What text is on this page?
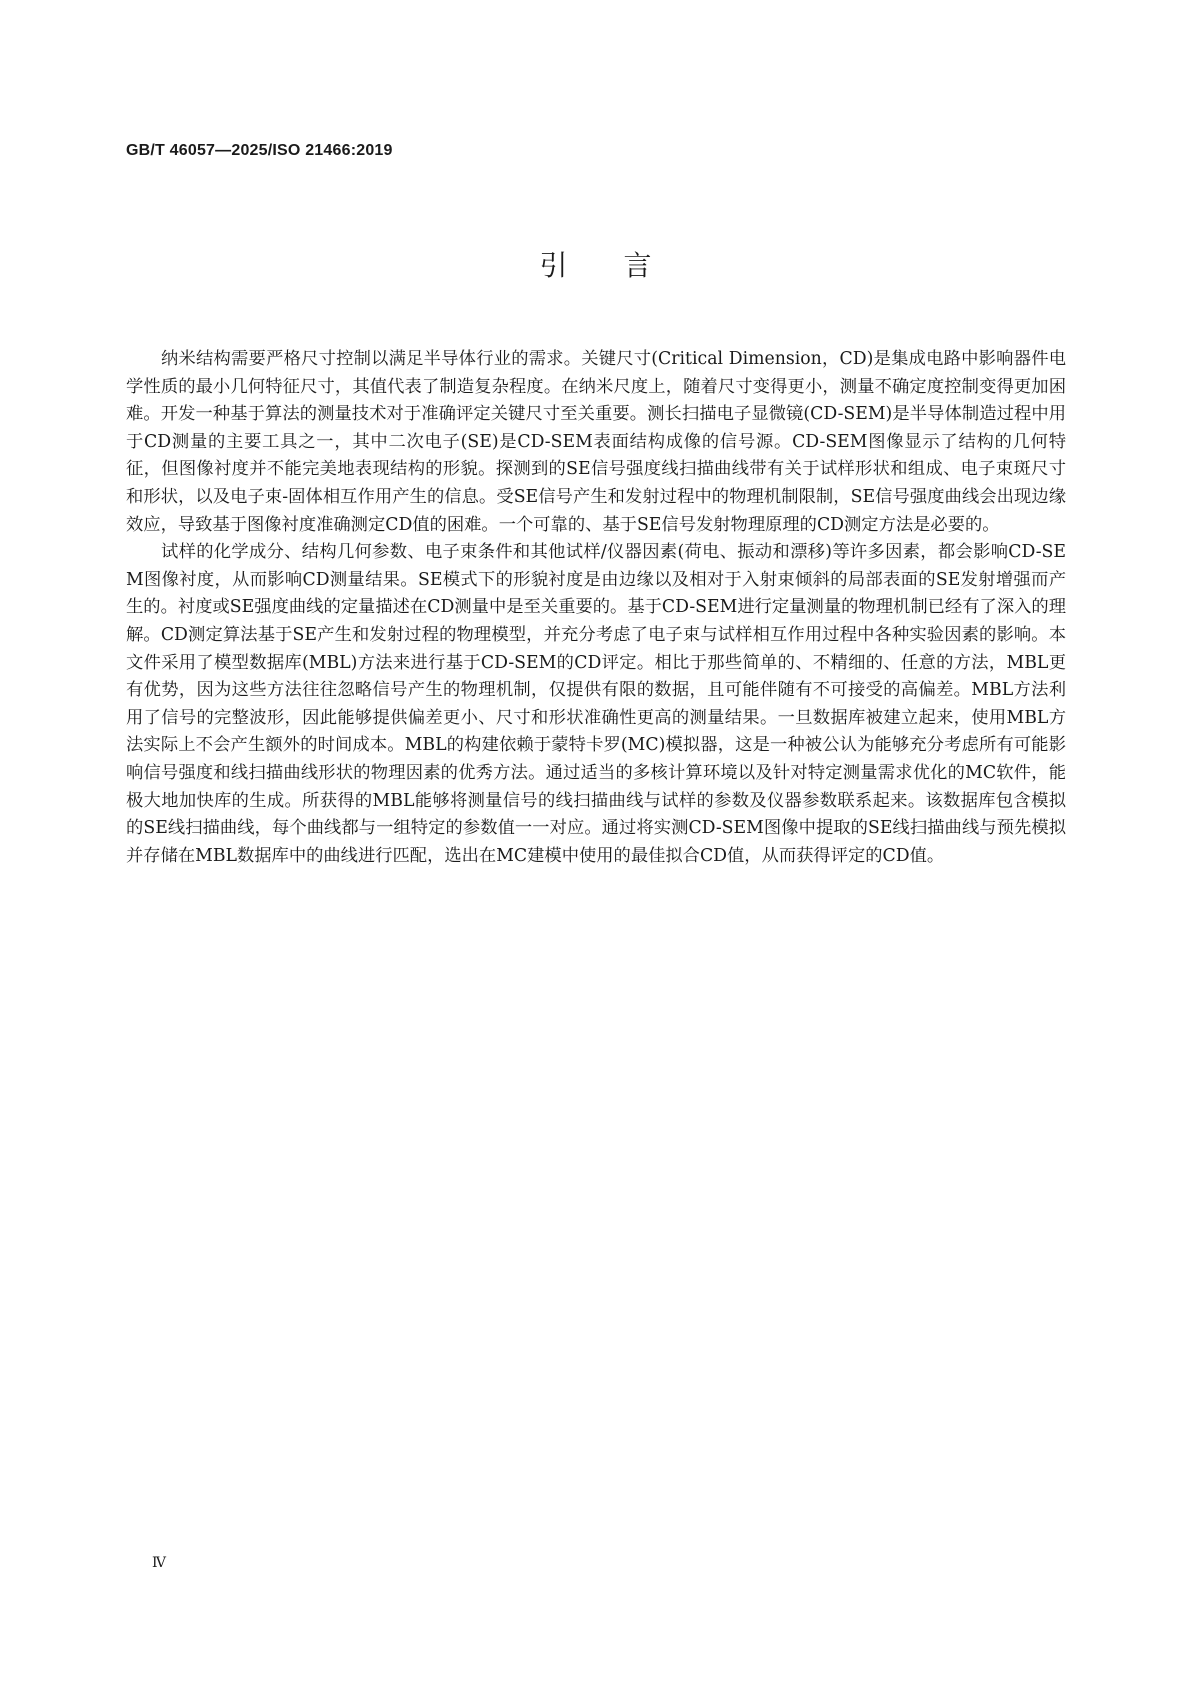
GB/T 46057—2025/ISO 21466:2019
引言

纳米结构需要严格尺寸控制以满足半导体行业的需求。关键尺寸(Critical Dimension，CD)是集成电路中影响器件电学性质的最小几何特征尺寸，其值代表了制造复杂程度。在纳米尺度上，随着尺寸变得更小，测量不确定度控制变得更加困难。开发一种基于算法的测量技术对于准确评定关键尺寸至关重要。测长扫描电子显微镜(CD-SEM)是半导体制造过程中用于CD测量的主要工具之一，其中二次电子(SE)是CD-SEM表面结构成像的信号源。CD-SEM图像显示了结构的几何特征，但图像衬度并不能完美地表现结构的形貌。探测到的SE信号强度线扫描曲线带有关于试样形状和组成、电子束斑尺寸和形状，以及电子束-固体相互作用产生的信息。受SE信号产生和发射过程中的物理机制限制，SE信号强度曲线会出现边缘效应，导致基于图像衬度准确测定CD值的困难。一个可靠的、基于SE信号发射物理原理的CD测定方法是必要的。

试样的化学成分、结构几何参数、电子束条件和其他试样/仪器因素(荷电、振动和漂移)等许多因素，都会影响CD-SEM图像衬度，从而影响CD测量结果。SE模式下的形貌衬度是由边缘以及相对于入射束倾斜的局部表面的SE发射增强而产生的。衬度或SE强度曲线的定量描述在CD测量中是至关重要的。基于CD-SEM进行定量测量的物理机制已经有了深入的理解。CD测定算法基于SE产生和发射过程的物理模型，并充分考虑了电子束与试样相互作用过程中各种实验因素的影响。本文件采用了模型数据库(MBL)方法来进行基于CD-SEM的CD评定。相比于那些简单的、不精细的、任意的方法，MBL更有优势，因为这些方法往往忽略信号产生的物理机制，仅提供有限的数据，且可能伴随有不可接受的高偏差。MBL方法利用了信号的完整波形，因此能够提供偏差更小、尺寸和形状准确性更高的测量结果。一旦数据库被建立起来，使用MBL方法实际上不会产生额外的时间成本。MBL的构建依赖于蒙特卡罗(MC)模拟器，这是一种被公认为能够充分考虑所有可能影响信号强度和线扫描曲线形状的物理因素的优秀方法。通过适当的多核计算环境以及针对特定测量需求优化的MC软件，能极大地加快库的生成。所获得的MBL能够将测量信号的线扫描曲线与试样的参数及仪器参数联系起来。该数据库包含模拟的SE线扫描曲线，每个曲线都与一组特定的参数值一一对应。通过将实测CD-SEM图像中提取的SE线扫描曲线与预先模拟并存储在MBL数据库中的曲线进行匹配，选出在MC建模中使用的最佳拟合CD值，从而获得评定的CD值。

Ⅳ
